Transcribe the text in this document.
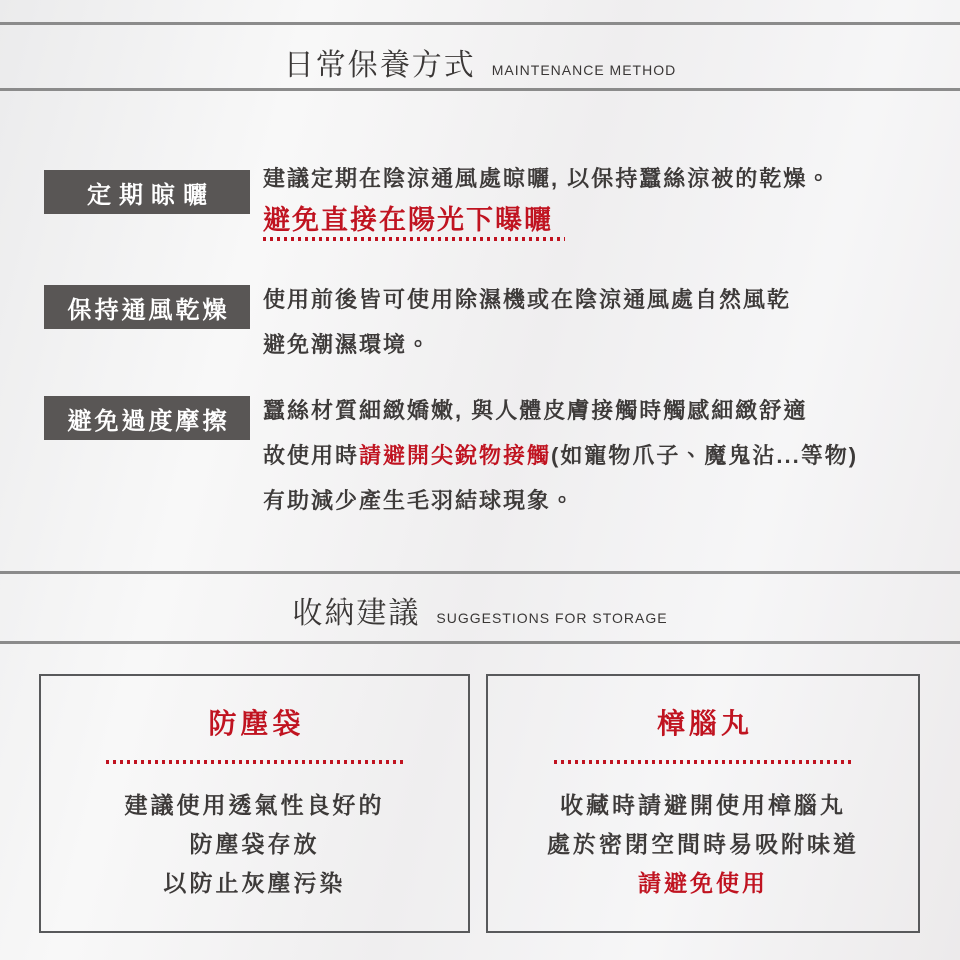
日常保養方式 MAINTENANCE METHOD
定期晾曬
建議定期在陰涼通風處晾曬, 以保持蠶絲涼被的乾燥。
避免直接在陽光下曝曬
保持通風乾燥 使用前後皆可使用除濕機或在陰涼通風處自然風乾
避免潮濕環境。
避免過度摩擦 蠶絲材質細緻嬌嫩, 與人體皮膚接觸時觸感細緻舒適
故使用時請避開尖銳物接觸(如寵物爪子、魔鬼沾...等物)
有助減少產生毛羽結球現象。
收納建議 SUGGESTIONS FOR STORAGE
防塵袋
建議使用透氣性良好的
防塵袋存放
以防止灰塵污染
樟腦丸
收藏時請避開使用樟腦丸
處於密閉空間時易吸附味道
請避免使用
